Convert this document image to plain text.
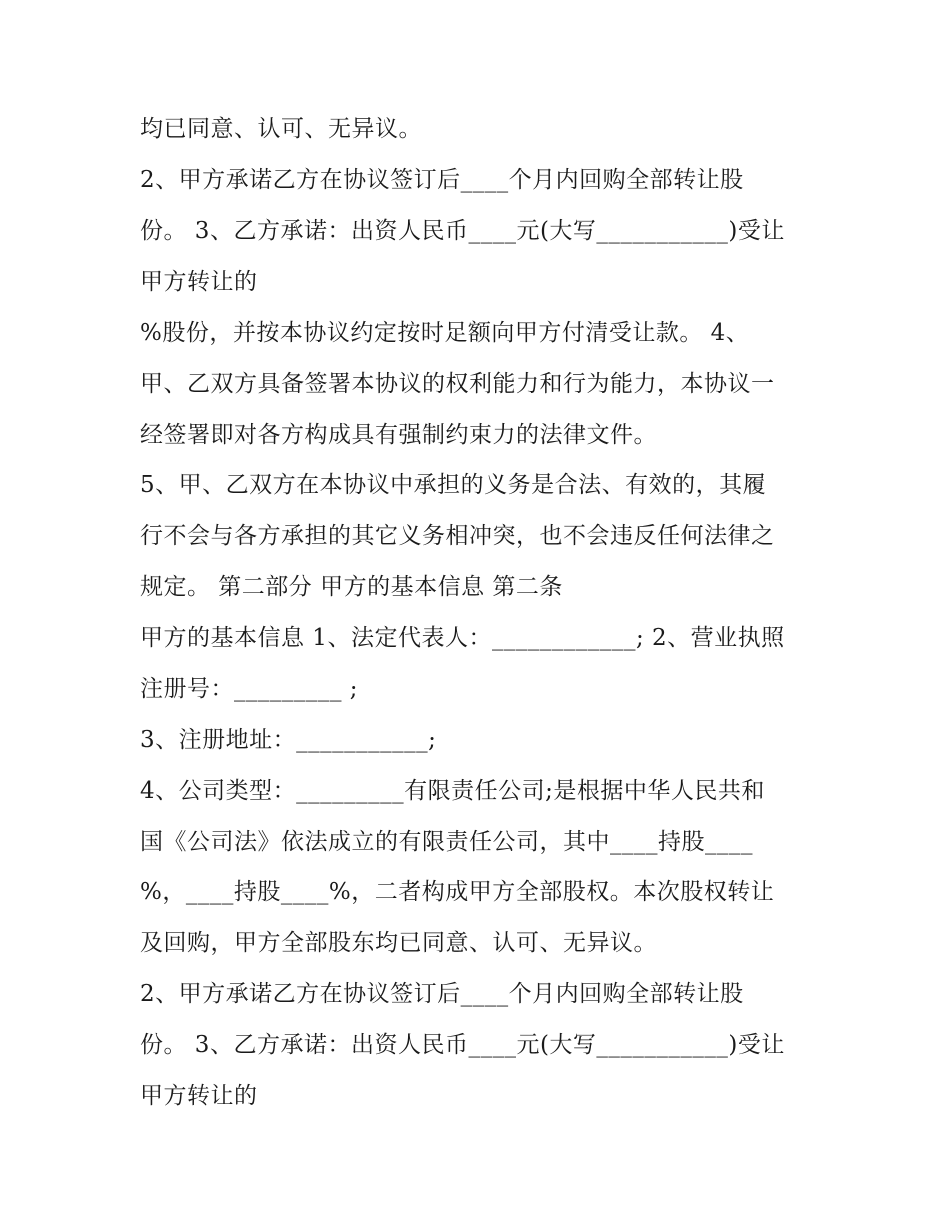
均已同意、认可、无异议。
2、甲方承诺乙方在协议签订后____个月内回购全部转让股
份。 3、乙方承诺：出资人民币____元(大写___________)受让
甲方转让的
%股份，并按本协议约定按时足额向甲方付清受让款。 4、
甲、乙双方具备签署本协议的权利能力和行为能力，本协议一
经签署即对各方构成具有强制约束力的法律文件。
5、甲、乙双方在本协议中承担的义务是合法、有效的，其履
行不会与各方承担的其它义务相冲突，也不会违反任何法律之
规定。 第二部分 甲方的基本信息 第二条
甲方的基本信息 1、法定代表人：____________; 2、营业执照
注册号：_________ ;
3、注册地址：___________;
4、公司类型：_________有限责任公司;是根据中华人民共和
国《公司法》依法成立的有限责任公司，其中____持股____
%，____持股____%，二者构成甲方全部股权。本次股权转让
及回购，甲方全部股东均已同意、认可、无异议。
2、甲方承诺乙方在协议签订后____个月内回购全部转让股
份。 3、乙方承诺：出资人民币____元(大写___________)受让
甲方转让的
